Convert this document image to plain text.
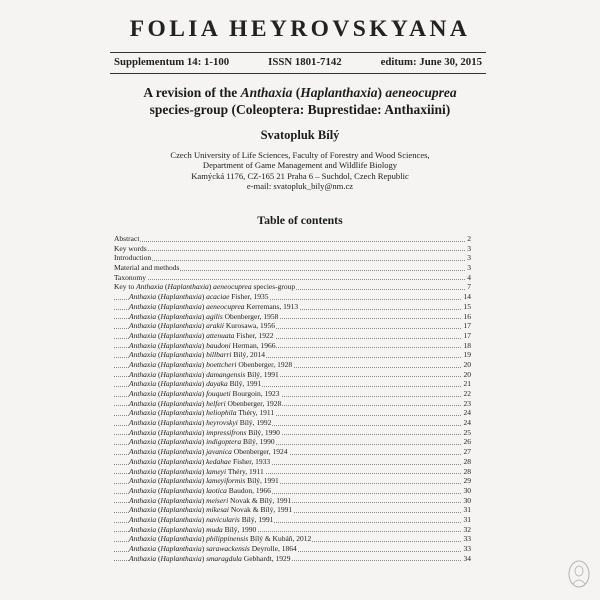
FOLIA HEYROVSKYANA
Supplementum 14: 1-100	ISSN 1801-7142	editum: June 30, 2015
A revision of the Anthaxia (Haplanthaxia) aeneocuprea
species-group (Coleoptera: Buprestidae: Anthaxiini)
Svatopluk Bílý
Czech University of Life Sciences, Faculty of Forestry and Wood Sciences,
Department of Game Management and Wildlife Biology
Kamýcká 1176, CZ-165 21 Praha 6 – Suchdol, Czech Republic
e-mail: svatopluk_bily@nm.cz
Table of contents
Abstract	2
Key words	3
Introduction	3
Material and methods	3
Taxonomy	4
Key to Anthaxia (Haplanthaxia) aeneocuprea species-group	7
Anthaxia (Haplanthaxia) acaciae Fisher, 1935	14
Anthaxia (Haplanthaxia) aeneocuprea Kerremans, 1913	15
Anthaxia (Haplanthaxia) agilis Obenberger, 1958	16
Anthaxia (Haplanthaxia) arakii Kurosawa, 1956	17
Anthaxia (Haplanthaxia) attenuata Fisher, 1922	17
Anthaxia (Haplanthaxia) baudoni Herman, 1966	18
Anthaxia (Haplanthaxia) billbarri Bílý, 2014	19
Anthaxia (Haplanthaxia) boettcheri Obenberger, 1928	20
Anthaxia (Haplanthaxia) damangensis Bílý, 1991	20
Anthaxia (Haplanthaxia) dayaka Bílý, 1991	21
Anthaxia (Haplanthaxia) fouqueti Bourgoin, 1923	22
Anthaxia (Haplanthaxia) helferi Obenberger, 1928	23
Anthaxia (Haplanthaxia) heliophila Théry, 1911	24
Anthaxia (Haplanthaxia) heyrovskyi Bílý, 1992	24
Anthaxia (Haplanthaxia) impressifrons Bílý, 1990	25
Anthaxia (Haplanthaxia) indigoptera Bílý, 1990	26
Anthaxia (Haplanthaxia) javanica Obenberger, 1924	27
Anthaxia (Haplanthaxia) kedahae Fisher, 1933	28
Anthaxia (Haplanthaxia) lameyi Théry, 1911	28
Anthaxia (Haplanthaxia) lameyiformis Bílý, 1991	29
Anthaxia (Haplanthaxia) laotica Baudon, 1966	30
Anthaxia (Haplanthaxia) meiseri Novak & Bílý, 1991	30
Anthaxia (Haplanthaxia) mikesai Novak & Bílý, 1991	31
Anthaxia (Haplanthaxia) navicularis Bílý, 1991	31
Anthaxia (Haplanthaxia) muda Bílý, 1990	32
Anthaxia (Haplanthaxia) philippinensis Bílý & Kubáň, 2012	33
Anthaxia (Haplanthaxia) sarawackensis Deyrolle, 1864	33
Anthaxia (Haplanthaxia) smaragdula Gebhardt, 1929	34
